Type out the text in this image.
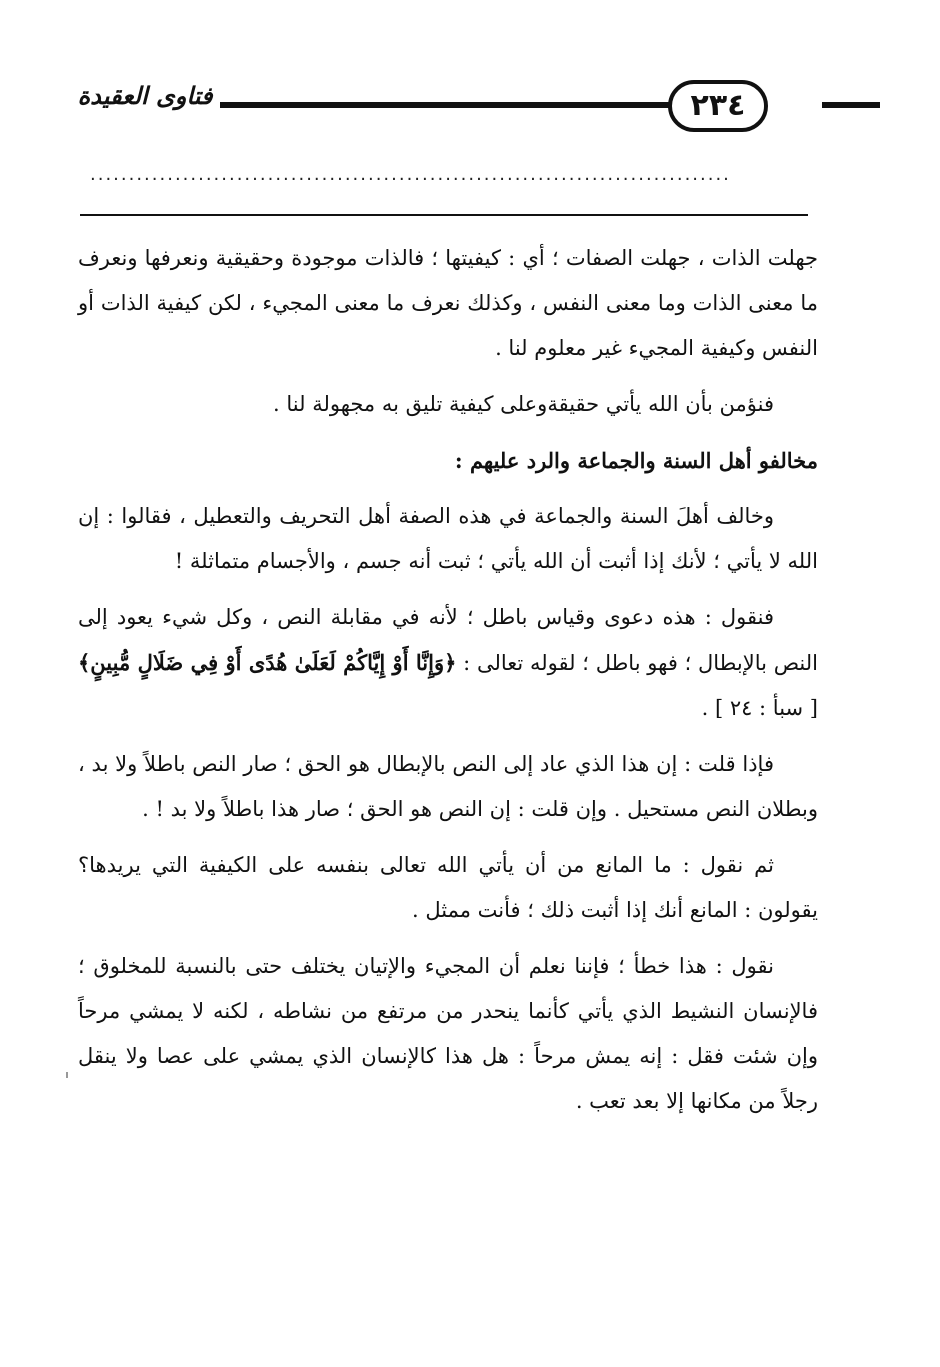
فتاوى العقيدة	٢٣٤
...................................................................................

جهلت الذات ، جهلت الصفات ؛ أي : كيفيتها ؛ فالذات موجودة وحقيقية ونعرفها ونعرف ما معنى الذات وما معنى النفس ، وكذلك نعرف ما معنى المجيء ، لكن كيفية الذات أو النفس وكيفية المجيء غير معلوم لنا .

فنؤمن بأن الله يأتي حقيقةوعلى كيفية تليق به مجهولة لنا .

مخالفو أهل السنة والجماعة والرد عليهم :

وخالف أهلَ السنة والجماعة في هذه الصفة أهل التحريف والتعطيل ، فقالوا : إن الله لا يأتي ؛ لأنك إذا أثبت أن الله يأتي ؛ ثبت أنه جسم ، والأجسام متماثلة !

فنقول : هذه دعوى وقياس باطل ؛ لأنه في مقابلة النص ، وكل شيء يعود إلى النص بالإبطال ؛ فهو باطل ؛ لقوله تعالى : ﴿وَإِنَّا أَوْ إِيَّاكُمْ لَعَلَىٰ هُدًى أَوْ فِي ضَلَالٍ مُّبِينٍ﴾ [ سبأ : ٢٤ ] .

فإذا قلت : إن هذا الذي عاد إلى النص بالإبطال هو الحق ؛ صار النص باطلاً ولا بد ، وبطلان النص مستحيل . وإن قلت : إن النص هو الحق ؛ صار هذا باطلاً ولا بد ! .

ثم نقول : ما المانع من أن يأتي الله تعالى بنفسه على الكيفية التي يريدها؟ يقولون : المانع أنك إذا أثبت ذلك ؛ فأنت ممثل .

نقول : هذا خطأ ؛ فإننا نعلم أن المجيء والإتيان يختلف حتى بالنسبة للمخلوق ؛ فالإنسان النشيط الذي يأتي كأنما ينحدر من مرتفع من نشاطه ، لكنه لا يمشي مرحاً وإن شئت فقل : إنه يمش مرحاً : هل هذا كالإنسان الذي يمشي على عصا ولا ينقل رجلاً من مكانها إلا بعد تعب .
